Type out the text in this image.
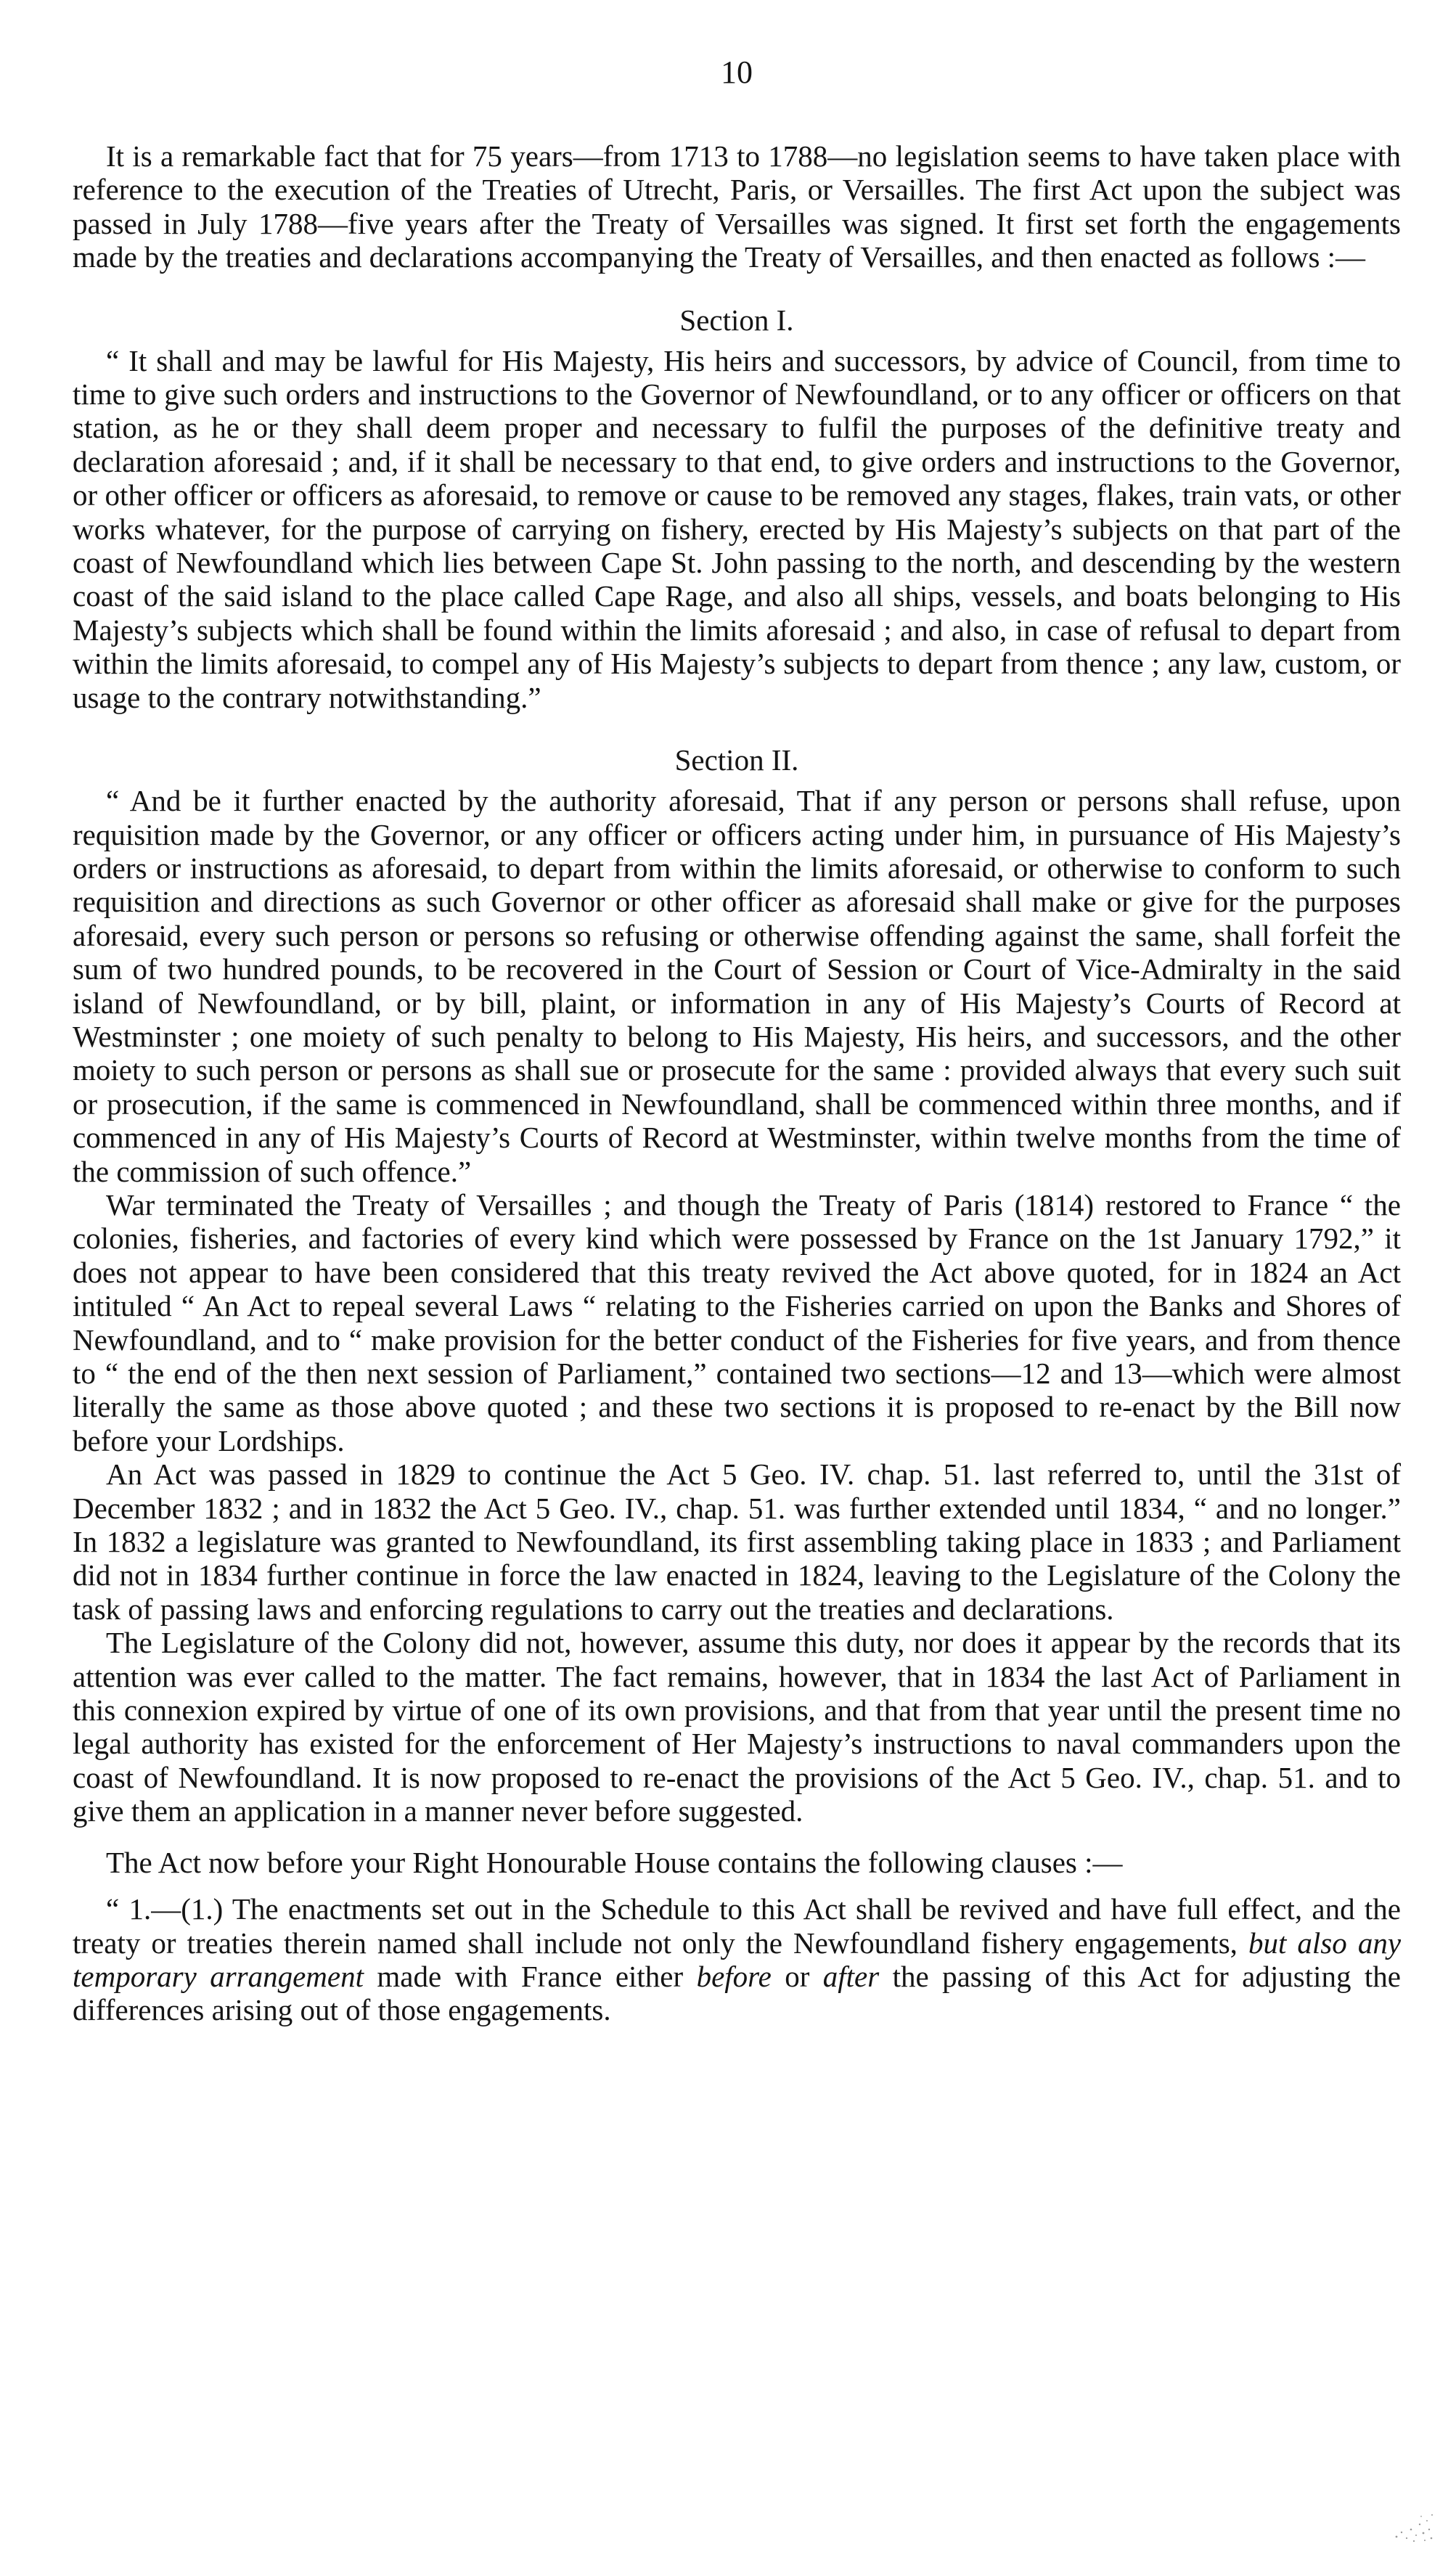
10

It is a remarkable fact that for 75 years—from 1713 to 1788—no legislation seems to have taken place with reference to the execution of the Treaties of Utrecht, Paris, or Versailles. The first Act upon the subject was passed in July 1788—five years after the Treaty of Versailles was signed. It first set forth the engagements made by the treaties and declarations accompanying the Treaty of Versailles, and then enacted as follows :—

Section I.

“ It shall and may be lawful for His Majesty, His heirs and successors, by advice of Council, from time to time to give such orders and instructions to the Governor of Newfoundland, or to any officer or officers on that station, as he or they shall deem proper and necessary to fulfil the purposes of the definitive treaty and declaration aforesaid ; and, if it shall be necessary to that end, to give orders and instructions to the Governor, or other officer or officers as aforesaid, to remove or cause to be removed any stages, flakes, train vats, or other works whatever, for the purpose of carrying on fishery, erected by His Majesty’s subjects on that part of the coast of Newfoundland which lies between Cape St. John passing to the north, and descending by the western coast of the said island to the place called Cape Rage, and also all ships, vessels, and boats belonging to His Majesty’s subjects which shall be found within the limits aforesaid ; and also, in case of refusal to depart from within the limits aforesaid, to compel any of His Majesty’s subjects to depart from thence ; any law, custom, or usage to the contrary notwithstanding.”

Section II.

“ And be it further enacted by the authority aforesaid, That if any person or persons shall refuse, upon requisition made by the Governor, or any officer or officers acting under him, in pursuance of His Majesty’s orders or instructions as aforesaid, to depart from within the limits aforesaid, or otherwise to conform to such requisition and directions as such Governor or other officer as aforesaid shall make or give for the purposes aforesaid, every such person or persons so refusing or otherwise offending against the same, shall forfeit the sum of two hundred pounds, to be recovered in the Court of Session or Court of Vice-Admiralty in the said island of Newfoundland, or by bill, plaint, or information in any of His Majesty’s Courts of Record at Westminster ; one moiety of such penalty to belong to His Majesty, His heirs, and successors, and the other moiety to such person or persons as shall sue or prosecute for the same : provided always that every such suit or prosecution, if the same is commenced in Newfoundland, shall be commenced within three months, and if commenced in any of His Majesty’s Courts of Record at Westminster, within twelve months from the time of the commission of such offence.”

War terminated the Treaty of Versailles ; and though the Treaty of Paris (1814) restored to France “ the colonies, fisheries, and factories of every kind which were possessed by France on the 1st January 1792,” it does not appear to have been considered that this treaty revived the Act above quoted, for in 1824 an Act intituled “ An Act to repeal several Laws “ relating to the Fisheries carried on upon the Banks and Shores of Newfoundland, and to “ make provision for the better conduct of the Fisheries for five years, and from thence to “ the end of the then next session of Parliament,” contained two sections—12 and 13—which were almost literally the same as those above quoted ; and these two sections it is proposed to re-enact by the Bill now before your Lordships.

An Act was passed in 1829 to continue the Act 5 Geo. IV. chap. 51. last referred to, until the 31st of December 1832 ; and in 1832 the Act 5 Geo. IV., chap. 51. was further extended until 1834, “ and no longer.” In 1832 a legislature was granted to Newfoundland, its first assembling taking place in 1833 ; and Parliament did not in 1834 further continue in force the law enacted in 1824, leaving to the Legislature of the Colony the task of passing laws and enforcing regulations to carry out the treaties and declarations.

The Legislature of the Colony did not, however, assume this duty, nor does it appear by the records that its attention was ever called to the matter. The fact remains, however, that in 1834 the last Act of Parliament in this connexion expired by virtue of one of its own provisions, and that from that year until the present time no legal authority has existed for the enforcement of Her Majesty’s instructions to naval commanders upon the coast of Newfoundland. It is now proposed to re-enact the provisions of the Act 5 Geo. IV., chap. 51. and to give them an application in a manner never before suggested.

The Act now before your Right Honourable House contains the following clauses :—

“ 1.—(1.) The enactments set out in the Schedule to this Act shall be revived and have full effect, and the treaty or treaties therein named shall include not only the Newfoundland fishery engagements, but also any temporary arrangement made with France either before or after the passing of this Act for adjusting the differences arising out of those engagements.
